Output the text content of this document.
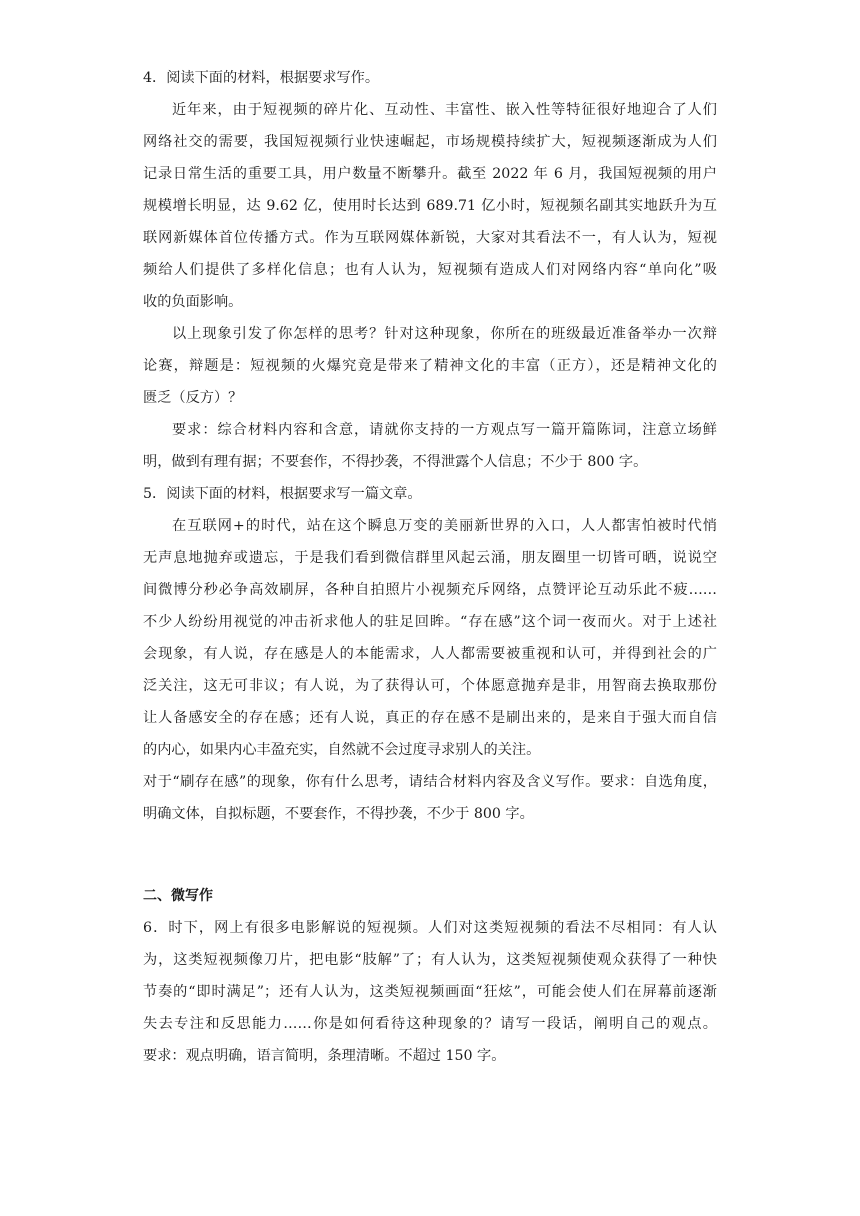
4．阅读下面的材料，根据要求写作。
近年来，由于短视频的碎片化、互动性、丰富性、嵌入性等特征很好地迎合了人们
网络社交的需要，我国短视频行业快速崛起，市场规模持续扩大，短视频逐渐成为人们
记录日常生活的重要工具，用户数量不断攀升。截至 2022 年 6 月，我国短视频的用户
规模增长明显，达 9.62 亿，使用时长达到 689.71 亿小时，短视频名副其实地跃升为互
联网新媒体首位传播方式。作为互联网媒体新锐，大家对其看法不一，有人认为，短视
频给人们提供了多样化信息；也有人认为，短视频有造成人们对网络内容“单向化”吸
收的负面影响。
以上现象引发了你怎样的思考？针对这种现象，你所在的班级最近准备举办一次辩
论赛，辩题是：短视频的火爆究竟是带来了精神文化的丰富（正方），还是精神文化的
匮乏（反方）？
要求：综合材料内容和含意，请就你支持的一方观点写一篇开篇陈词，注意立场鲜
明，做到有理有据；不要套作，不得抄袭，不得泄露个人信息；不少于 800 字。
5．阅读下面的材料，根据要求写一篇文章。
在互联网+的时代，站在这个瞬息万变的美丽新世界的入口，人人都害怕被时代悄
无声息地抛弃或遗忘，于是我们看到微信群里风起云涌，朋友圈里一切皆可晒，说说空
间微博分秒必争高效刷屏，各种自拍照片小视频充斥网络，点赞评论互动乐此不疲……
不少人纷纷用视觉的冲击祈求他人的驻足回眸。“存在感”这个词一夜而火。对于上述社
会现象，有人说，存在感是人的本能需求，人人都需要被重视和认可，并得到社会的广
泛关注，这无可非议；有人说，为了获得认可，个体愿意抛弃是非，用智商去换取那份
让人备感安全的存在感；还有人说，真正的存在感不是刷出来的，是来自于强大而自信
的内心，如果内心丰盈充实，自然就不会过度寻求别人的关注。
对于“刷存在感”的现象，你有什么思考，请结合材料内容及含义写作。要求：自选角度，
明确文体，自拟标题，不要套作，不得抄袭，不少于 800 字。
二、微写作
6．时下，网上有很多电影解说的短视频。人们对这类短视频的看法不尽相同：有人认
为，这类短视频像刀片，把电影“肢解”了；有人认为，这类短视频使观众获得了一种快
节奏的“即时满足”；还有人认为，这类短视频画面“狂炫”，可能会使人们在屏幕前逐渐
失去专注和反思能力……你是如何看待这种现象的？请写一段话，阐明自己的观点。
要求：观点明确，语言简明，条理清晰。不超过 150 字。
